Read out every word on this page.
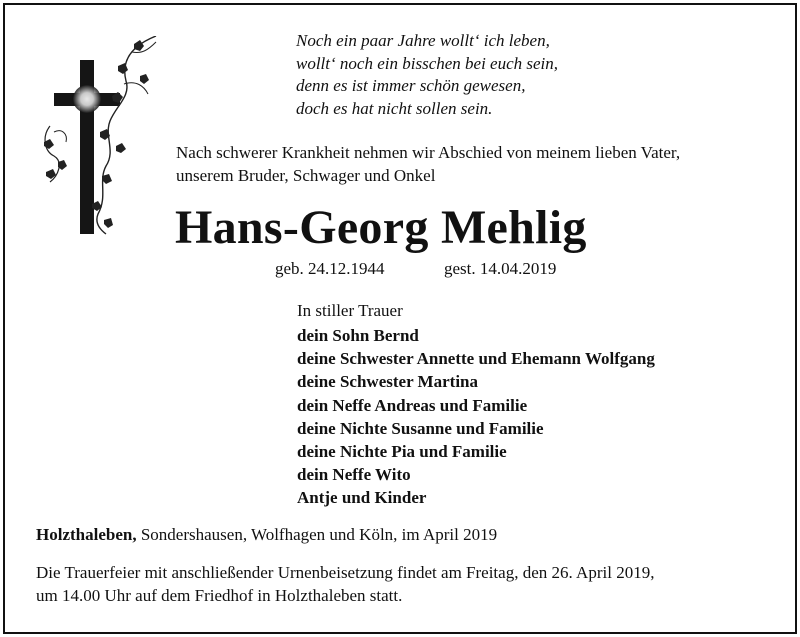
Noch ein paar Jahre wollt‘ ich leben,
wollt‘ noch ein bisschen bei euch sein,
denn es ist immer schön gewesen,
doch es hat nicht sollen sein.
Nach schwerer Krankheit nehmen wir Abschied von meinem lieben Vater,
unserem Bruder, Schwager und Onkel
Hans-Georg Mehlig
geb. 24.12.1944	gest. 14.04.2019
In stiller Trauer
dein Sohn Bernd
deine Schwester Annette und Ehemann Wolfgang
deine Schwester Martina
dein Neffe Andreas und Familie
deine Nichte Susanne und Familie
deine Nichte Pia und Familie
dein Neffe Wito
Antje und Kinder
Holzthaleben, Sondershausen, Wolfhagen und Köln, im April 2019
Die Trauerfeier mit anschließender Urnenbeisetzung findet am Freitag, den 26. April 2019,
um 14.00 Uhr auf dem Friedhof in Holzthaleben statt.
